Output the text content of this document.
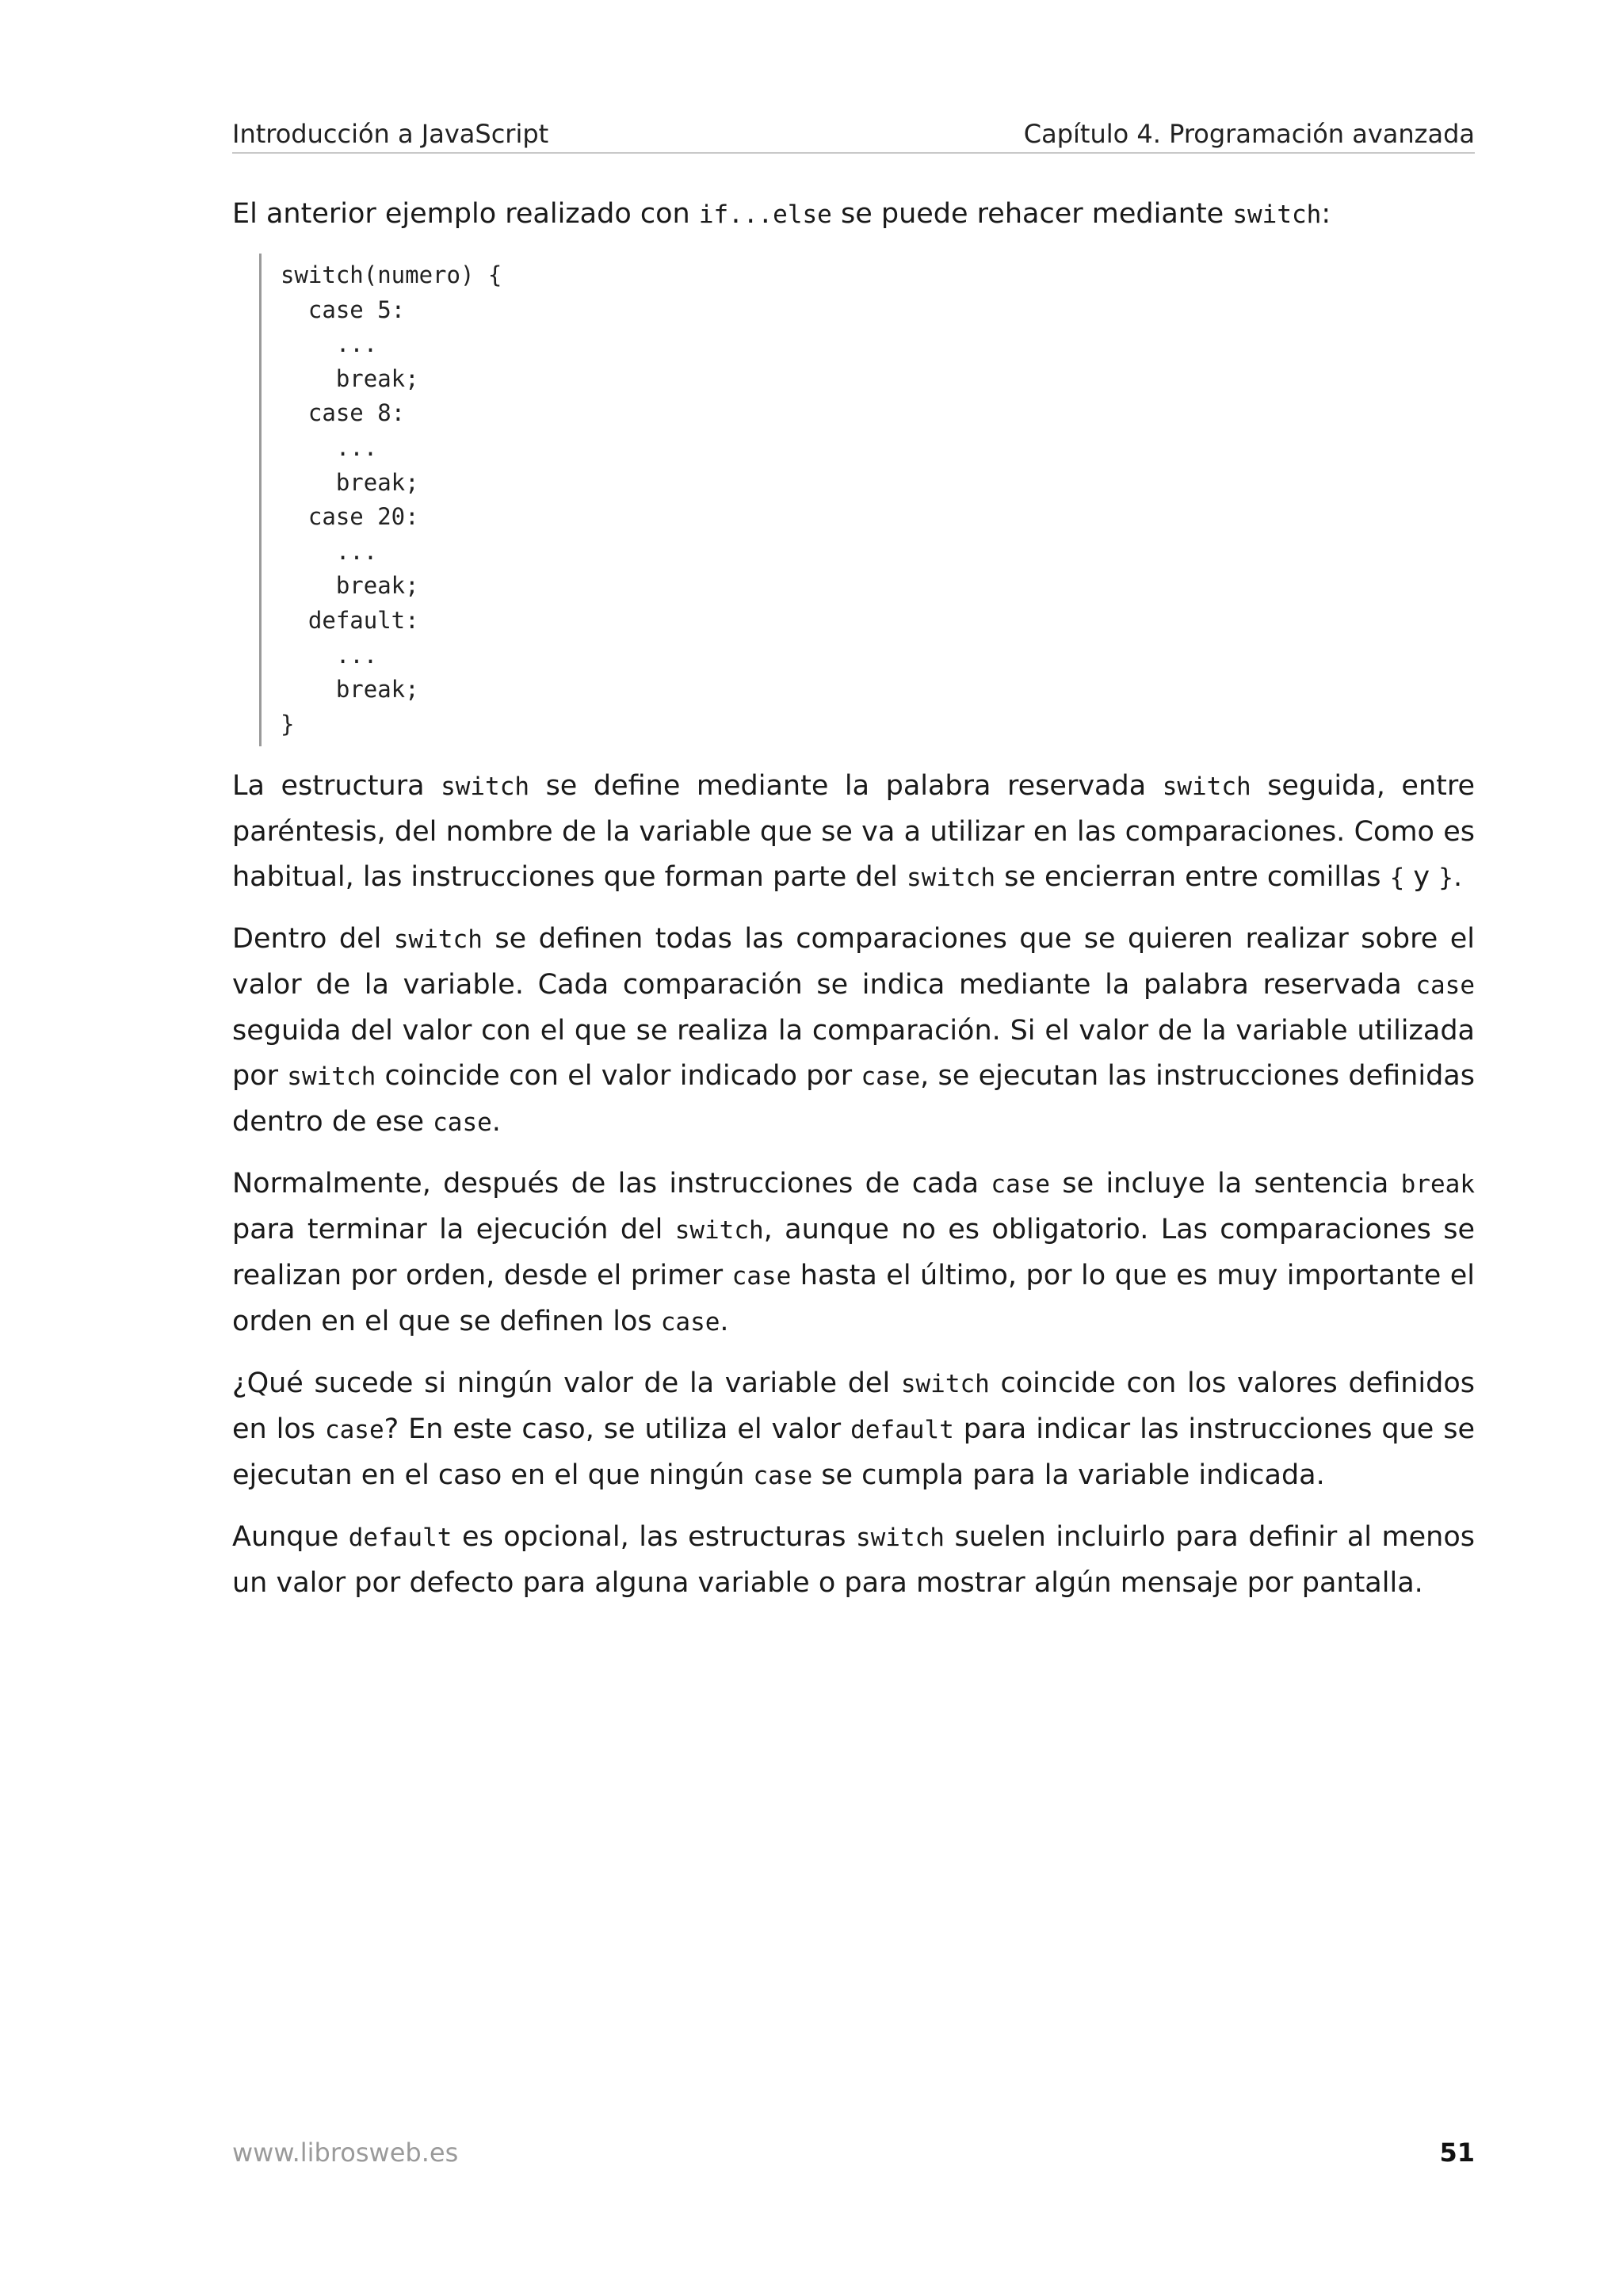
Introducción a JavaScript	Capítulo 4. Programación avanzada

El anterior ejemplo realizado con if...else se puede rehacer mediante switch:

switch(numero) {
case 5:
...
break;
case 8:
...
break;
case 20:
...
break;
default:
...
break;
}

La estructura switch se define mediante la palabra reservada switch seguida, entre paréntesis, del nombre de la variable que se va a utilizar en las comparaciones. Como es habitual, las instrucciones que forman parte del switch se encierran entre comillas { y }.

Dentro del switch se definen todas las comparaciones que se quieren realizar sobre el valor de la variable. Cada comparación se indica mediante la palabra reservada case seguida del valor con el que se realiza la comparación. Si el valor de la variable utilizada por switch coincide con el valor indicado por case, se ejecutan las instrucciones definidas dentro de ese case.

Normalmente, después de las instrucciones de cada case se incluye la sentencia break para terminar la ejecución del switch, aunque no es obligatorio. Las comparaciones se realizan por orden, desde el primer case hasta el último, por lo que es muy importante el orden en el que se definen los case.

¿Qué sucede si ningún valor de la variable del switch coincide con los valores definidos en los case? En este caso, se utiliza el valor default para indicar las instrucciones que se ejecutan en el caso en el que ningún case se cumpla para la variable indicada.

Aunque default es opcional, las estructuras switch suelen incluirlo para definir al menos un valor por defecto para alguna variable o para mostrar algún mensaje por pantalla.

www.librosweb.es	51
